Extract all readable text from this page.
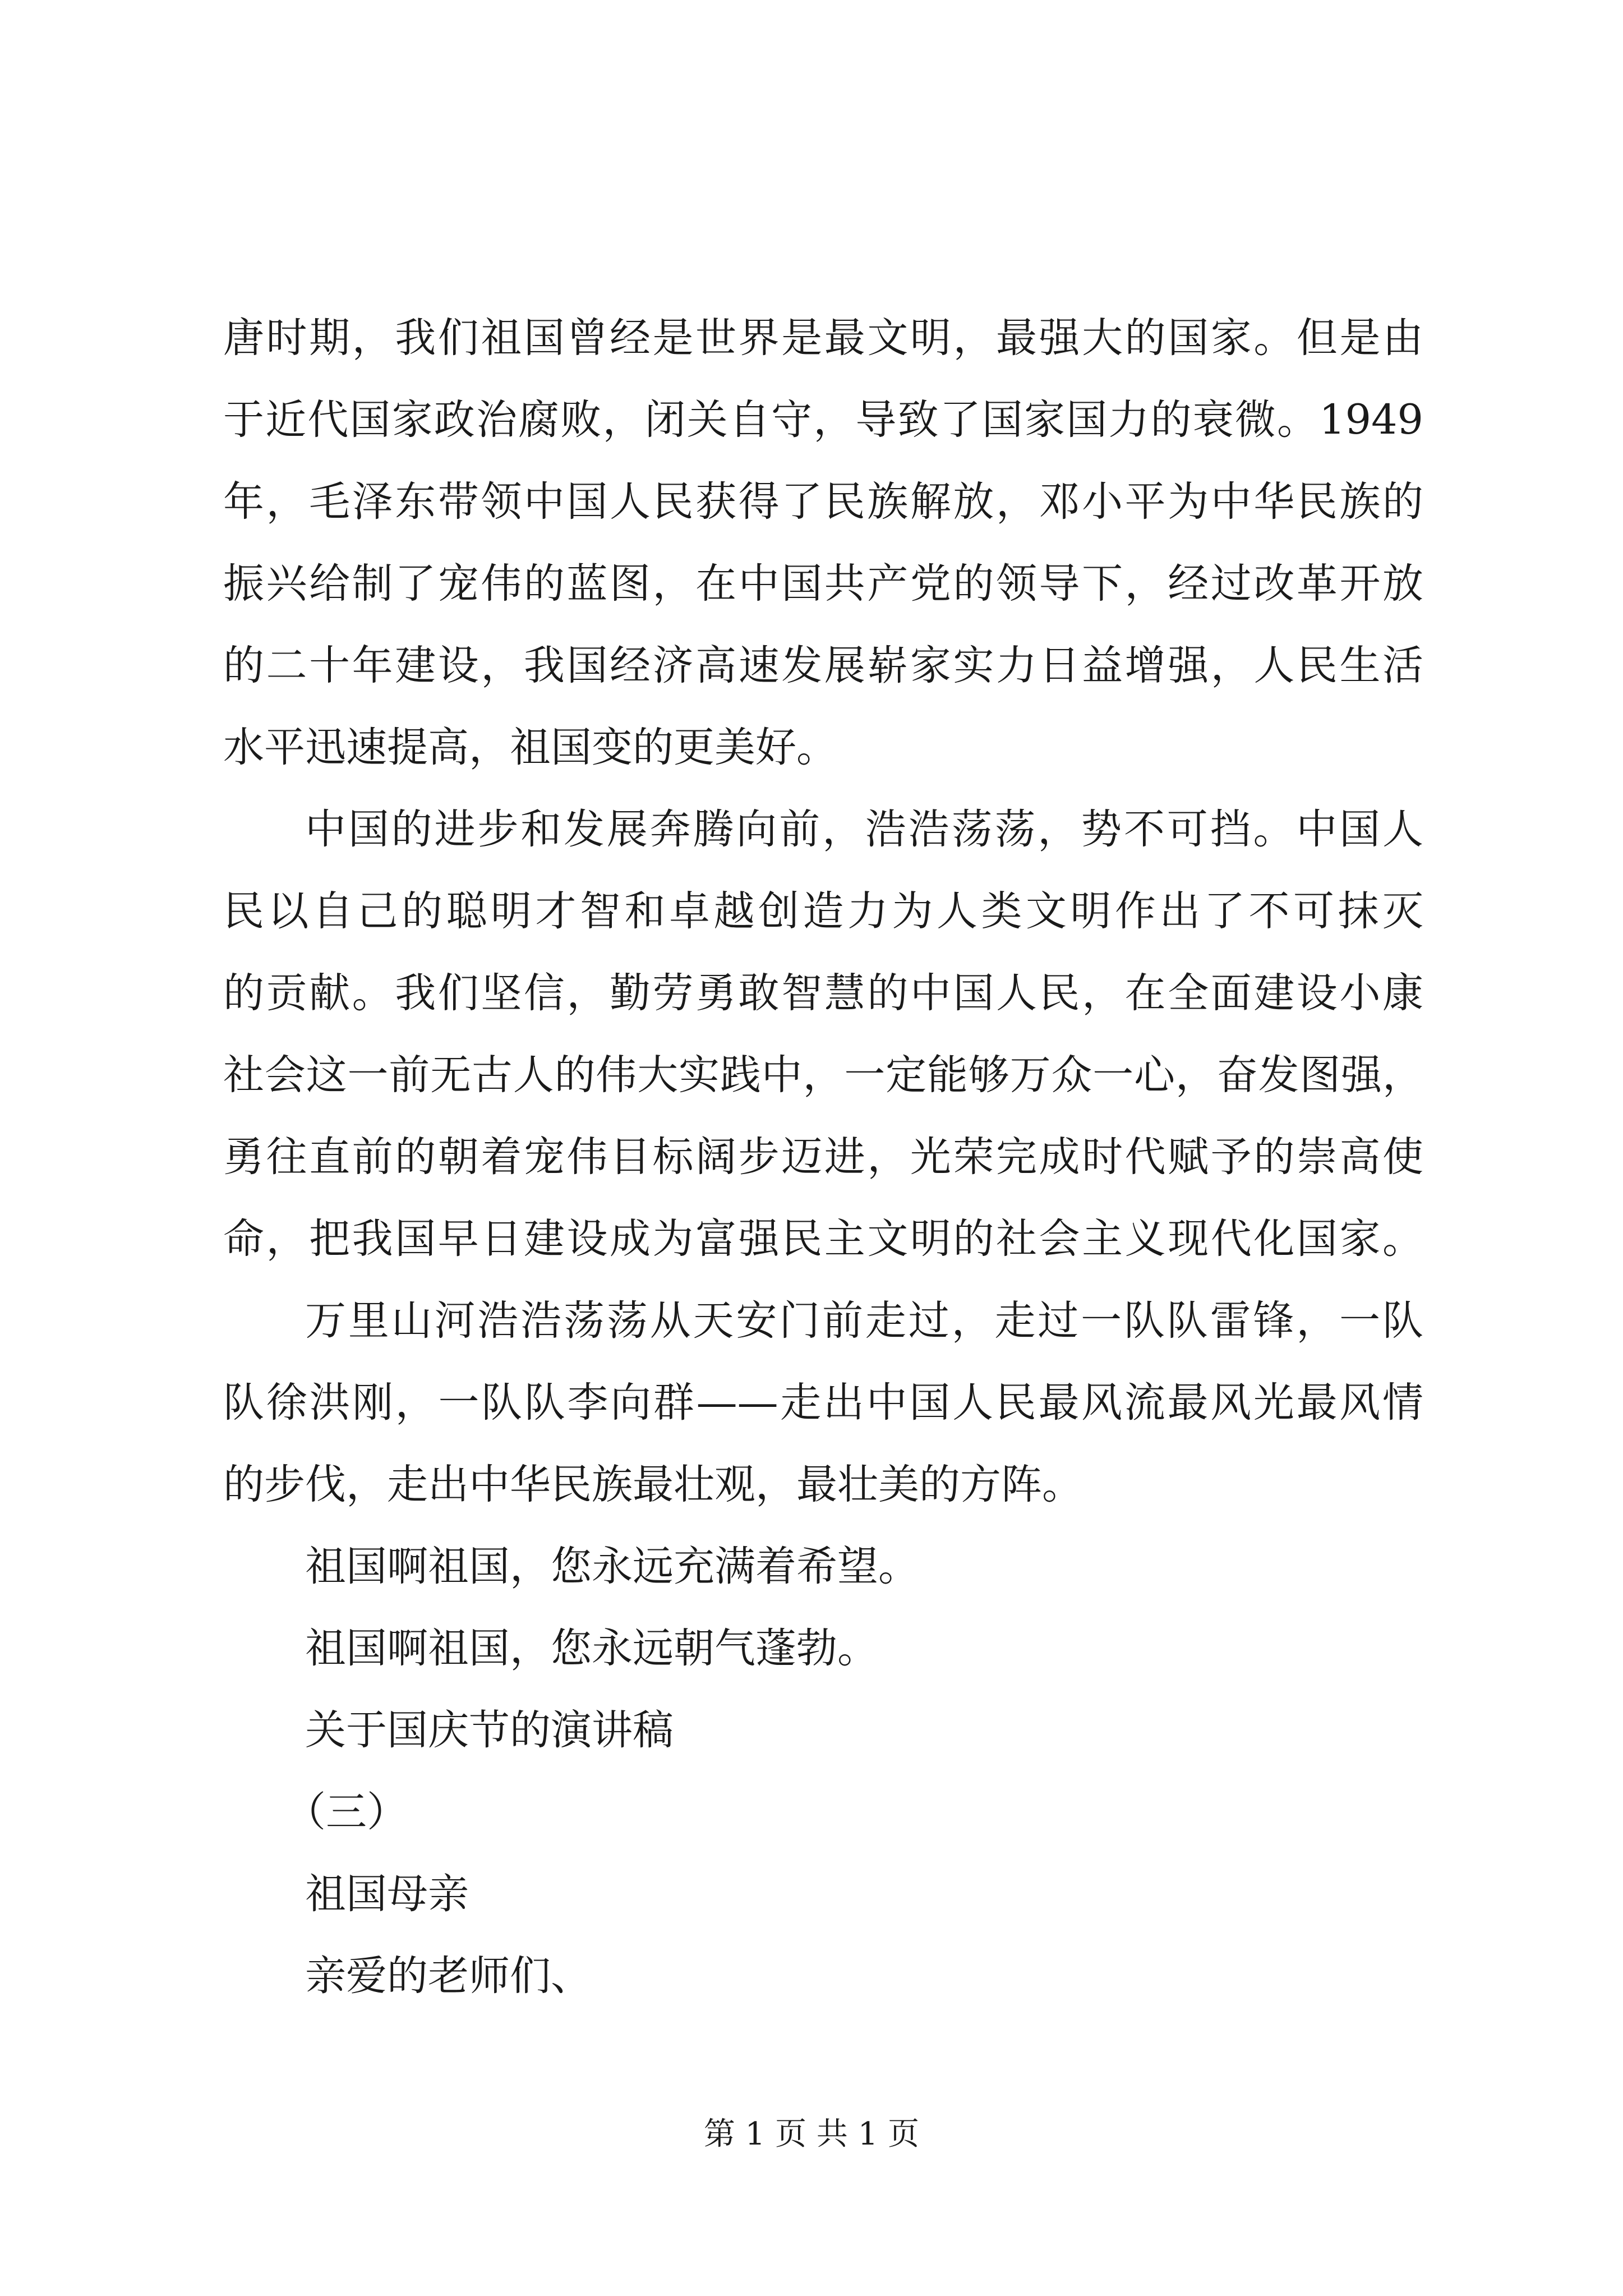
唐时期，我们祖国曾经是世界是最文明，最强大的国家。但是由
于近代国家政治腐败，闭关自守，导致了国家国力的衰微。1949
年，毛泽东带领中国人民获得了民族解放，邓小平为中华民族的
振兴给制了宠伟的蓝图，在中国共产党的领导下，经过改革开放
的二十年建设，我国经济高速发展崭家实力日益增强，人民生活
水平迅速提高，祖国变的更美好。
中国的进步和发展奔腾向前，浩浩荡荡，势不可挡。中国人
民以自己的聪明才智和卓越创造力为人类文明作出了不可抹灭
的贡献。我们坚信，勤劳勇敢智慧的中国人民，在全面建设小康
社会这一前无古人的伟大实践中，一定能够万众一心，奋发图强，
勇往直前的朝着宠伟目标阔步迈进，光荣完成时代赋予的崇高使
命，把我国早日建设成为富强民主文明的社会主义现代化国家。
万里山河浩浩荡荡从天安门前走过，走过一队队雷锋，一队
队徐洪刚，一队队李向群——走出中国人民最风流最风光最风情
的步伐，走出中华民族最壮观，最壮美的方阵。
祖国啊祖国，您永远充满着希望。
祖国啊祖国，您永远朝气蓬勃。
关于国庆节的演讲稿
（三）
祖国母亲
亲爱的老师们、
第 1 页 共 1 页
